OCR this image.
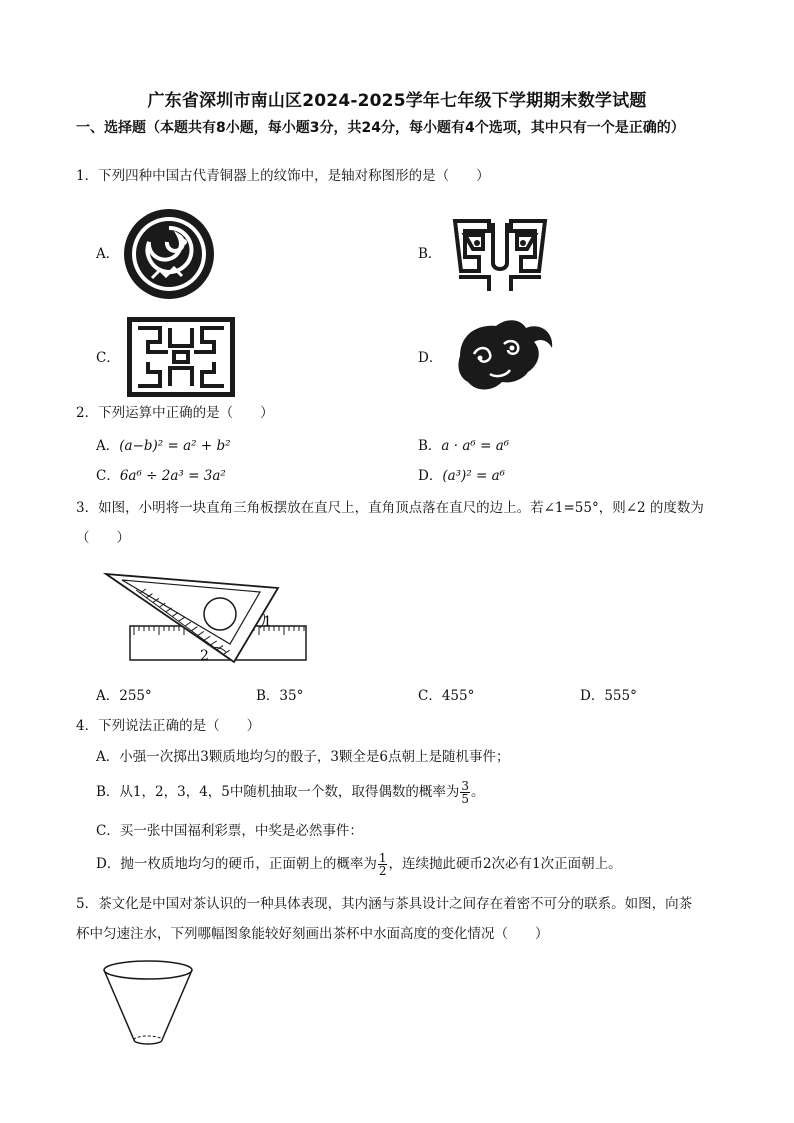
广东省深圳市南山区2024-2025学年七年级下学期期末数学试题
一、选择题（本题共有8小题，每小题3分，共24分，每小题有4个选项，其中只有一个是正确的）
1．下列四种中国古代青铜器上的纹饰中，是轴对称图形的是（　　）
A．	B．
C．	D．
2．下列运算中正确的是（　　）
A．(a−b)² = a² + b²	B．a · a⁶ = a⁶
C．6a⁶ ÷ 2a³ = 3a²	D．(a³)² = a⁶
3．如图，小明将一块直角三角板摆放在直尺上，直角顶点落在直尺的边上。若∠1=55°，则∠2 的度数为
（　　）
1
2
A．255°	B．35°	C．455°	D．555°
4．下列说法正确的是（　　）
A．小强一次掷出3颗质地均匀的骰子，3颗全是6点朝上是随机事件；
B．从1，2，3，4，5中随机抽取一个数，取得偶数的概率为 $\frac{3}{5}$ 。
C．买一张中国福利彩票，中奖是必然事件：
D．抛一枚质地均匀的硬币，正面朝上的概率为 $\frac{1}{2}$ ，连续抛此硬币2次必有1次正面朝上。
5．茶文化是中国对茶认识的一种具体表现，其内涵与茶具设计之间存在着密不可分的联系。如图，向茶
杯中匀速注水，下列哪幅图象能较好刻画出茶杯中水面高度的变化情况（　　）
